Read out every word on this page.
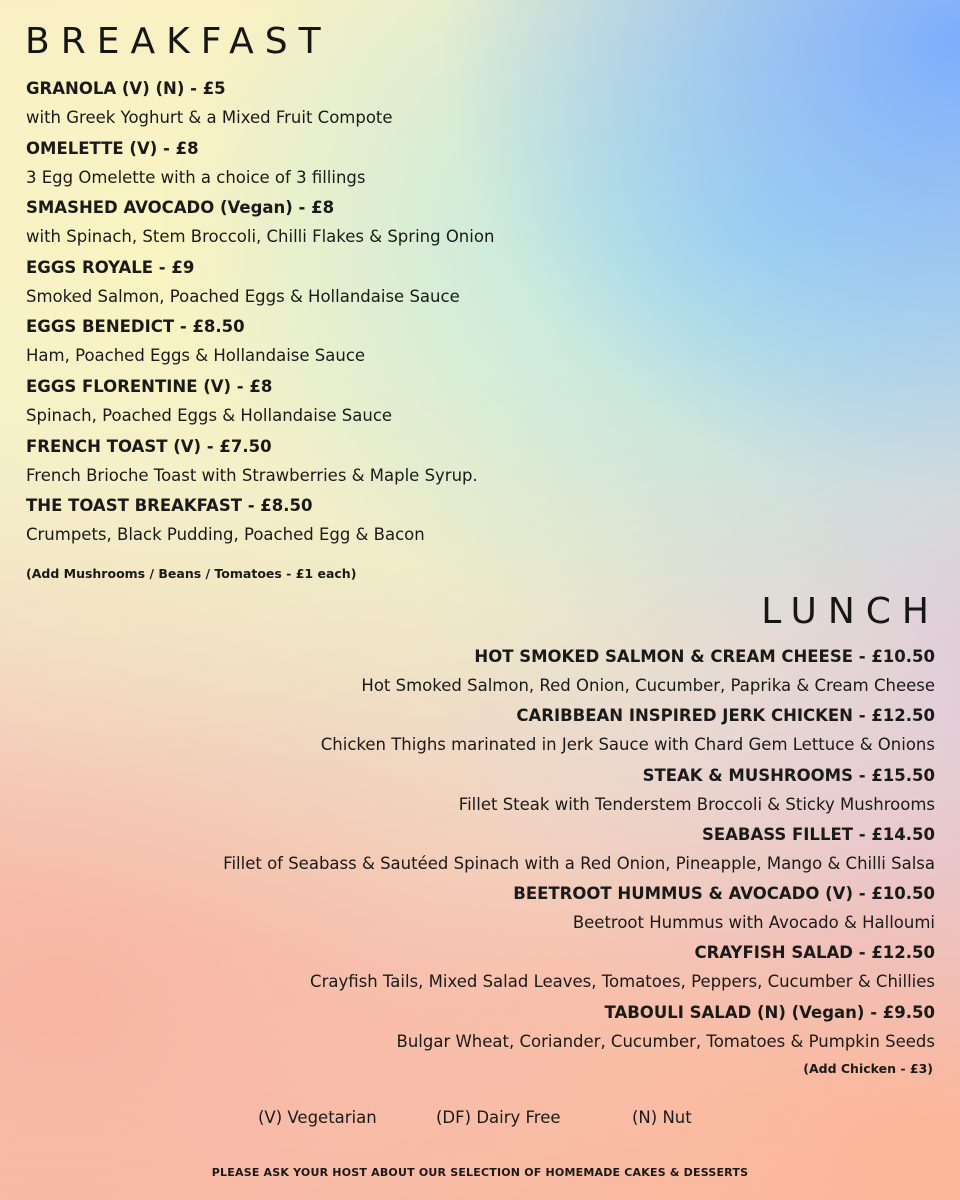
BREAKFAST
GRANOLA (V) (N) - £5
with Greek Yoghurt & a Mixed Fruit Compote
OMELETTE (V) - £8
3 Egg Omelette with a choice of 3 fillings
SMASHED AVOCADO (Vegan) - £8
with Spinach, Stem Broccoli, Chilli Flakes & Spring Onion
EGGS ROYALE - £9
Smoked Salmon, Poached Eggs & Hollandaise Sauce
EGGS BENEDICT - £8.50
Ham, Poached Eggs & Hollandaise Sauce
EGGS FLORENTINE (V) - £8
Spinach, Poached Eggs & Hollandaise Sauce
FRENCH TOAST (V) - £7.50
French Brioche Toast with Strawberries & Maple Syrup.
THE TOAST BREAKFAST - £8.50
Crumpets, Black Pudding, Poached Egg & Bacon
(Add Mushrooms / Beans / Tomatoes - £1 each)
LUNCH
HOT SMOKED SALMON & CREAM CHEESE - £10.50
Hot Smoked Salmon, Red Onion, Cucumber, Paprika & Cream Cheese
CARIBBEAN INSPIRED JERK CHICKEN - £12.50
Chicken Thighs marinated in Jerk Sauce with Chard Gem Lettuce & Onions
STEAK & MUSHROOMS - £15.50
Fillet Steak with Tenderstem Broccoli & Sticky Mushrooms
SEABASS FILLET - £14.50
Fillet of Seabass & Sautéed Spinach with a Red Onion, Pineapple, Mango & Chilli Salsa
BEETROOT HUMMUS & AVOCADO (V) - £10.50
Beetroot Hummus with Avocado & Halloumi
CRAYFISH SALAD - £12.50
Crayfish Tails, Mixed Salad Leaves, Tomatoes, Peppers, Cucumber & Chillies
TABOULI SALAD (N) (Vegan) - £9.50
Bulgar Wheat, Coriander, Cucumber, Tomatoes & Pumpkin Seeds
(Add Chicken - £3)
(V) Vegetarian	(DF) Dairy Free	(N) Nut
PLEASE ASK YOUR HOST ABOUT OUR SELECTION OF HOMEMADE CAKES & DESSERTS
